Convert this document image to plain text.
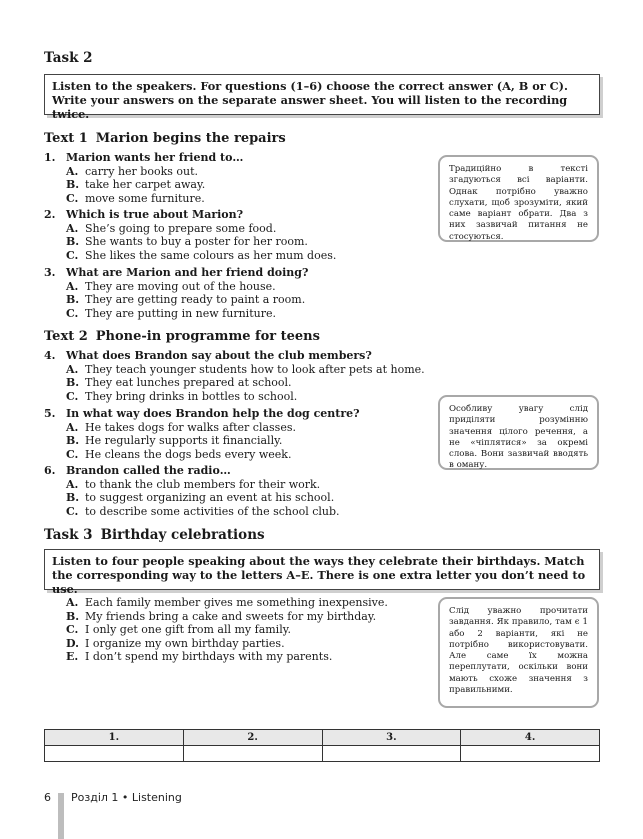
Task 2
Listen to the speakers. For questions (1–6) choose the correct answer (A, B or C). Write your answers on the separate answer sheet. You will listen to the recording twice.
Text 1 Marion begins the repairs
1. Marion wants her friend to…
A. carry her books out.
B. take her carpet away.
C. move some furniture.
2. Which is true about Marion?
A. She’s going to prepare some food.
B. She wants to buy a poster for her room.
C. She likes the same colours as her mum does.
3. What are Marion and her friend doing?
A. They are moving out of the house.
B. They are getting ready to paint a room.
C. They are putting in new furniture.
Традиційно в тексті згадуються всі варіанти. Однак потрібно уважно слухати, щоб зрозуміти, який саме варіант обрати. Два з них зазвичай питання не стосуються.
Text 2 Phone-in programme for teens
4. What does Brandon say about the club members?
A. They teach younger students how to look after pets at home.
B. They eat lunches prepared at school.
C. They bring drinks in bottles to school.
5. In what way does Brandon help the dog centre?
A. He takes dogs for walks after classes.
B. He regularly supports it financially.
C. He cleans the dogs beds every week.
6. Brandon called the radio…
A. to thank the club members for their work.
B. to suggest organizing an event at his school.
C. to describe some activities of the school club.
Особливу увагу слід приділяти розумінню значення цілого речення, а не «чіплятися» за окремі слова. Вони зазвичай вводять в оману.
Task 3 Birthday celebrations
Listen to four people speaking about the ways they celebrate their birthdays. Match the corresponding way to the letters A–E. There is one extra letter you don’t need to use.
A. Each family member gives me something inexpensive.
B. My friends bring a cake and sweets for my birthday.
C. I only get one gift from all my family.
D. I organize my own birthday parties.
E. I don’t spend my birthdays with my parents.
Слід уважно прочитати завдання. Як правило, там є 1 або 2 варіанти, які не потрібно використовувати. Але саме їх можна переплутати, оскільки вони мають схоже значення з правильними.
1.	2.	3.	4.

6 Розділ 1 • Listening
